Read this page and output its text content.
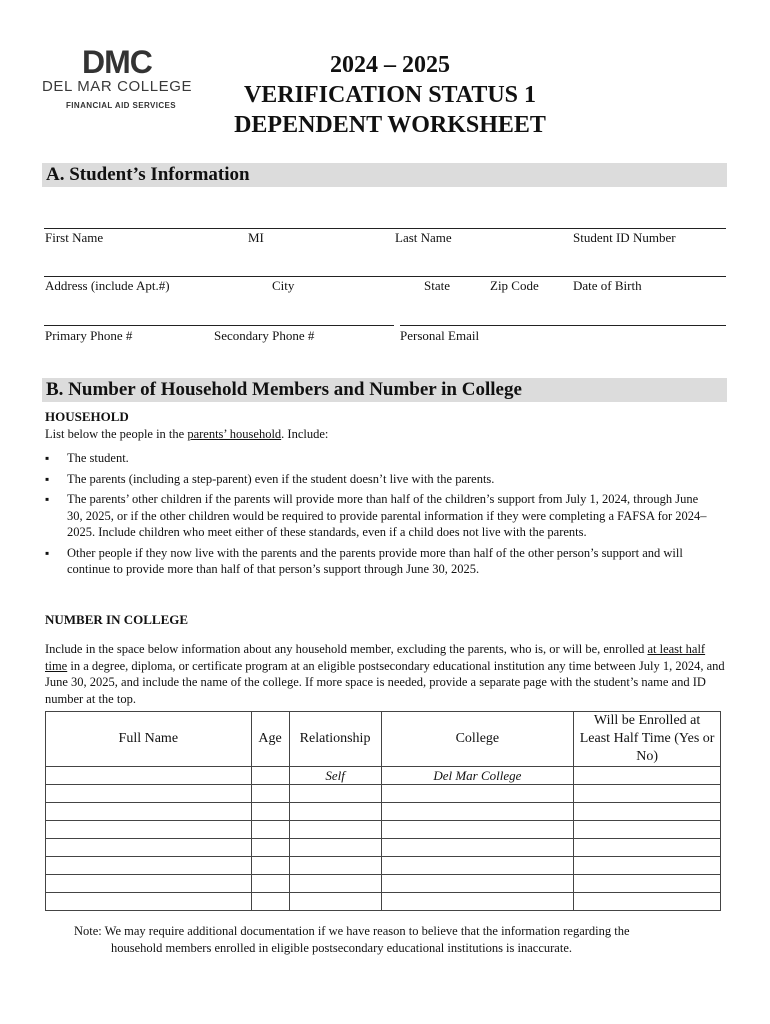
DMC
DEL MAR COLLEGE
FINANCIAL AID SERVICES
2024 – 2025
VERIFICATION STATUS 1
DEPENDENT WORKSHEET
A. Student’s Information
First Name	MI	Last Name	Student ID Number
Address (include Apt.#)	City	State	Zip Code	Date of Birth
Primary Phone #	Secondary Phone #	Personal Email
B. Number of Household Members and Number in College
HOUSEHOLD
List below the people in the parents’ household. Include:
▪ The student.
▪ The parents (including a step-parent) even if the student doesn’t live with the parents.
▪ The parents’ other children if the parents will provide more than half of the children’s support from July 1, 2024, through June 30, 2025, or if the other children would be required to provide parental information if they were completing a FAFSA for 2024–2025. Include children who meet either of these standards, even if a child does not live with the parents.
▪ Other people if they now live with the parents and the parents provide more than half of the other person’s support and will continue to provide more than half of that person’s support through June 30, 2025.
NUMBER IN COLLEGE
Include in the space below information about any household member, excluding the parents, who is, or will be, enrolled at least half time in a degree, diploma, or certificate program at an eligible postsecondary educational institution any time between July 1, 2024, and June 30, 2025, and include the name of the college. If more space is needed, provide a separate page with the student’s name and ID number at the top.
Full Name	Age	Relationship	College	Will be Enrolled at Least Half Time (Yes or No)
		Self	Del Mar College	

Note: We may require additional documentation if we have reason to believe that the information regarding the
household members enrolled in eligible postsecondary educational institutions is inaccurate.
